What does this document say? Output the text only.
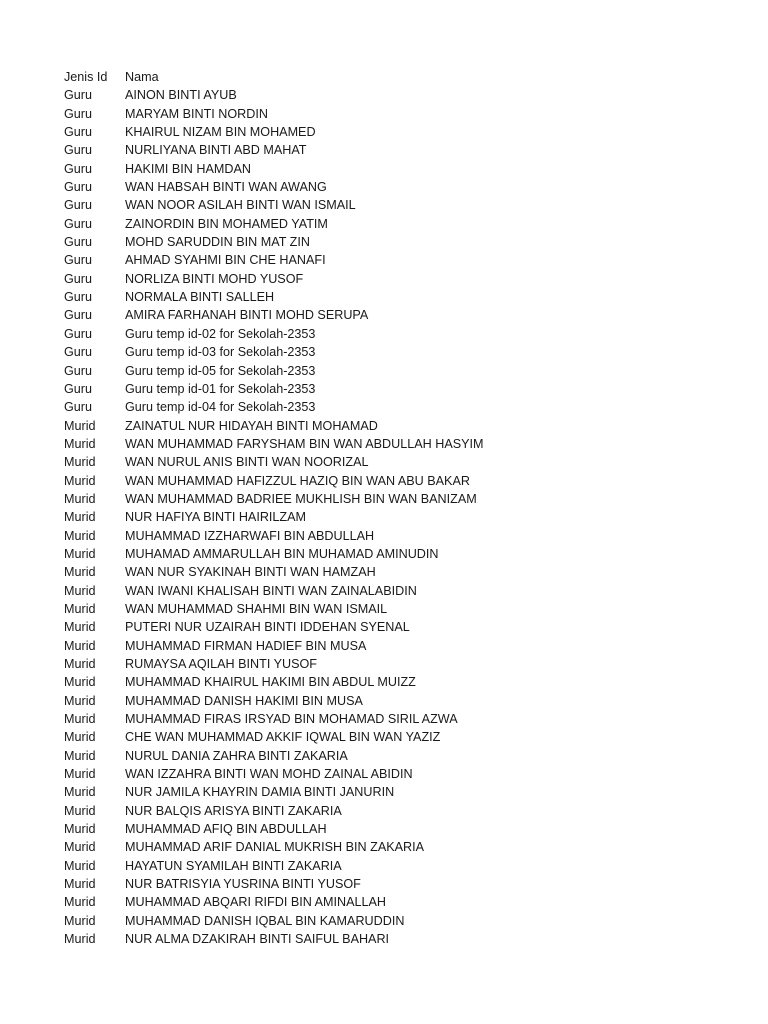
Jenis Id Nama
Guru	AINON BINTI AYUB
Guru	MARYAM BINTI NORDIN
Guru	KHAIRUL NIZAM BIN MOHAMED
Guru	NURLIYANA BINTI ABD MAHAT
Guru	HAKIMI BIN HAMDAN
Guru	WAN HABSAH BINTI WAN AWANG
Guru	WAN NOOR ASILAH BINTI WAN ISMAIL
Guru	ZAINORDIN BIN MOHAMED YATIM
Guru	MOHD SARUDDIN BIN MAT ZIN
Guru	AHMAD SYAHMI BIN CHE HANAFI
Guru	NORLIZA BINTI MOHD YUSOF
Guru	NORMALA BINTI SALLEH
Guru	AMIRA FARHANAH BINTI MOHD SERUPA
Guru	Guru temp id-02 for Sekolah-2353
Guru	Guru temp id-03 for Sekolah-2353
Guru	Guru temp id-05 for Sekolah-2353
Guru	Guru temp id-01 for Sekolah-2353
Guru	Guru temp id-04 for Sekolah-2353
Murid ZAINATUL NUR HIDAYAH BINTI MOHAMAD
Murid WAN MUHAMMAD FARYSHAM BIN WAN ABDULLAH HASYIM
Murid WAN NURUL ANIS BINTI WAN NOORIZAL
Murid WAN MUHAMMAD HAFIZZUL HAZIQ BIN WAN ABU BAKAR
Murid WAN MUHAMMAD BADRIEE MUKHLISH BIN WAN BANIZAM
Murid NUR HAFIYA BINTI HAIRILZAM
Murid MUHAMMAD IZZHARWAFI BIN ABDULLAH
Murid MUHAMAD AMMARULLAH BIN MUHAMAD AMINUDIN
Murid WAN NUR SYAKINAH BINTI WAN HAMZAH
Murid WAN IWANI KHALISAH BINTI WAN ZAINALABIDIN
Murid WAN MUHAMMAD SHAHMI BIN WAN ISMAIL
Murid PUTERI NUR UZAIRAH BINTI IDDEHAN SYENAL
Murid MUHAMMAD FIRMAN HADIEF BIN MUSA
Murid RUMAYSA AQILAH BINTI YUSOF
Murid MUHAMMAD KHAIRUL HAKIMI BIN ABDUL MUIZZ
Murid MUHAMMAD DANISH HAKIMI BIN MUSA
Murid MUHAMMAD FIRAS IRSYAD BIN MOHAMAD SIRIL AZWA
Murid CHE WAN MUHAMMAD AKKIF IQWAL BIN WAN YAZIZ
Murid NURUL DANIA ZAHRA BINTI ZAKARIA
Murid WAN IZZAHRA BINTI WAN MOHD ZAINAL ABIDIN
Murid NUR JAMILA KHAYRIN DAMIA BINTI JANURIN
Murid NUR BALQIS ARISYA BINTI ZAKARIA
Murid MUHAMMAD AFIQ BIN ABDULLAH
Murid MUHAMMAD ARIF DANIAL MUKRISH BIN ZAKARIA
Murid HAYATUN SYAMILAH BINTI ZAKARIA
Murid NUR BATRISYIA YUSRINA BINTI YUSOF
Murid MUHAMMAD ABQARI RIFDI BIN AMINALLAH
Murid MUHAMMAD DANISH IQBAL BIN KAMARUDDIN
Murid NUR ALMA DZAKIRAH BINTI SAIFUL BAHARI
